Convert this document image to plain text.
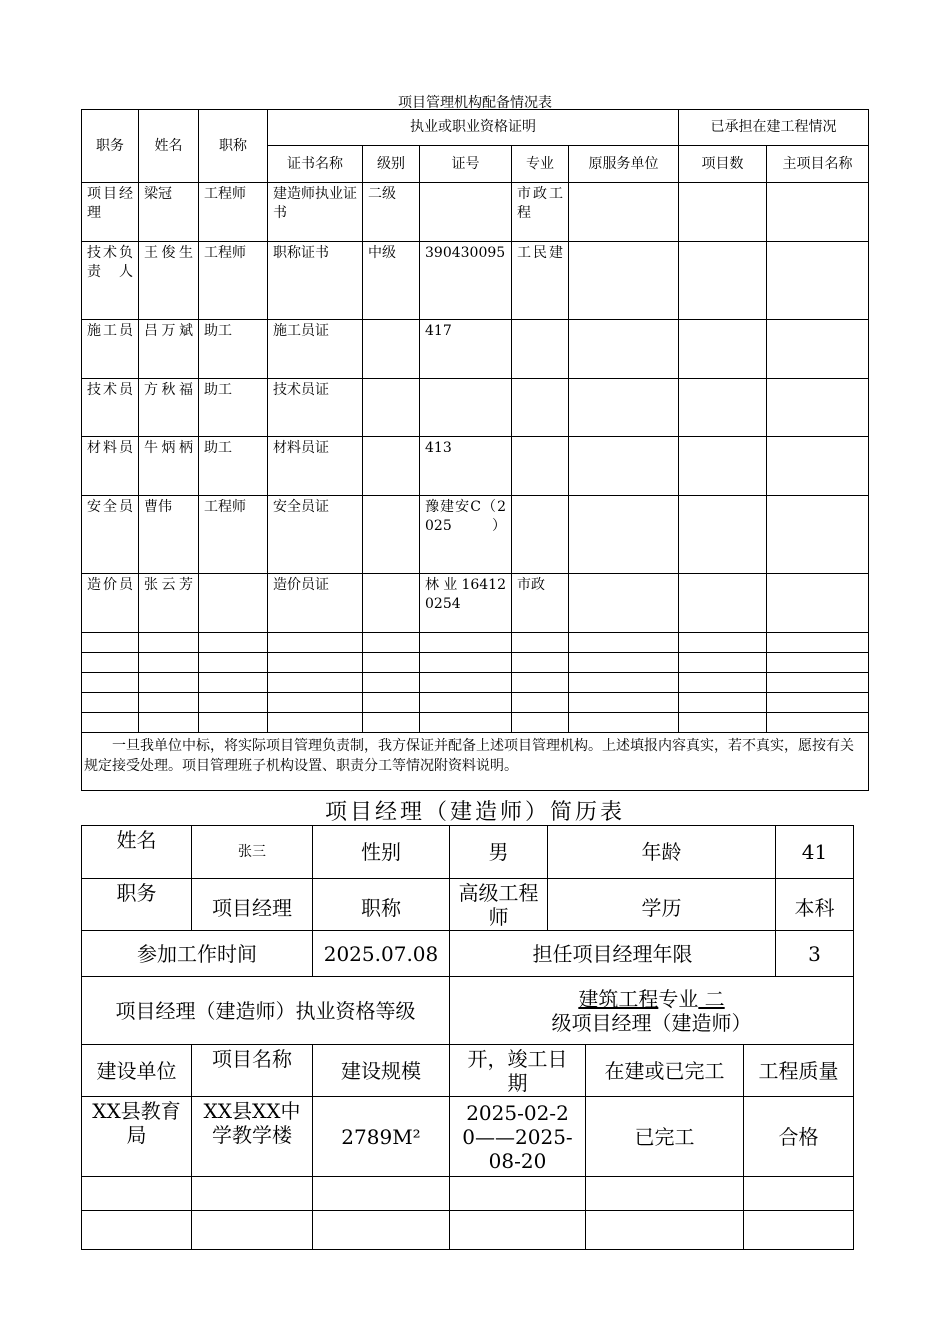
项目管理机构配备情况表
职务	姓名	职称	执业或职业资格证明					已承担在建工程情况	
			证书名称	级别	证号	专业	原服务单位	项目数	主项目名称

项目经理	梁冠	工程师	建造师执业证书	二级		市政工程			

技术负责人	王俊生	工程师	职称证书	中级	390430095	工民建			

施工员	吕万斌	助工	施工员证		417				

技术员	方秋福	助工	技术员证						

材料员	牛炳柄	助工	材料员证		413				

安全员	曹伟	工程师	安全员证		豫建安C（2025）				

造价员	张云芳		造价员证		林业164120254	市政			

一旦我单位中标，将实际项目管理负责制，我方保证并配备上述项目管理机构。上述填报内容真实，若不真实，愿按有关规定接受处理。项目管理班子机构设置、职责分工等情况附资料说明。									
项目经理（建造师）简历表
姓名	张三	性别	男	年龄			41
职务	项目经理	职称	高级工程师	学历			本科
参加工作时间		2025.07.08	担任项目经理年限				3
项目经理（建造师）执业资格等级			建筑工程专业 二 级项目经理（建造师）				
建设单位	项目名称	建设规模	开，竣工日期		在建或已完工	工程质量	
XX县教育局	XX县XX中学教学楼	2789M²	2025-02-20——2025-08-20		已完工	合格	
